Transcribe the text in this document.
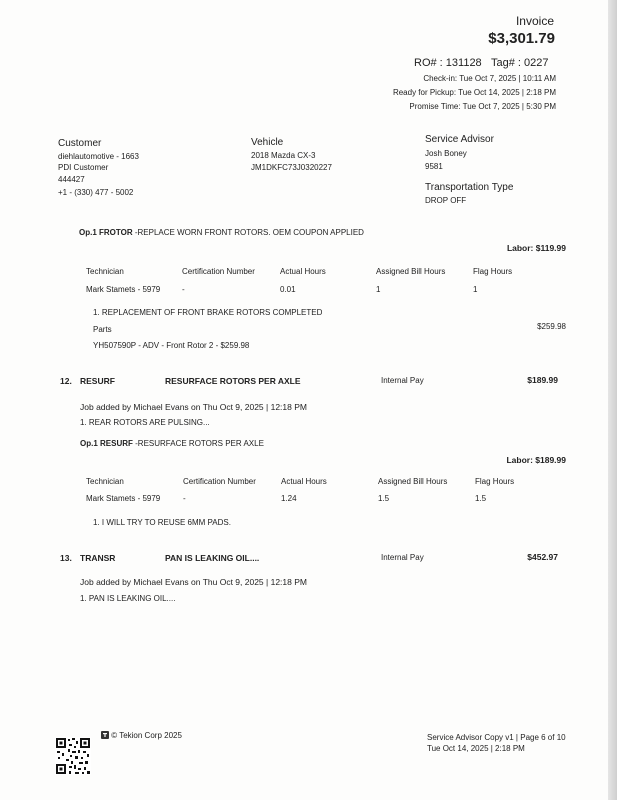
Invoice
$3,301.79
RO# : 131128 Tag# : 0227
Check-in: Tue Oct 7, 2025 | 10:11 AM
Ready for Pickup: Tue Oct 14, 2025 | 2:18 PM
Promise Time: Tue Oct 7, 2025 | 5:30 PM
Customer
diehlautomotive - 1663
PDI Customer
444427
+1 - (330) 477 - 5002
Vehicle
2018 Mazda CX-3
JM1DKFC73J0320227
Service Advisor
Josh Boney
9581
Transportation Type
DROP OFF
Op.1 FROTOR -REPLACE WORN FRONT ROTORS. OEM COUPON APPLIED
Labor: $119.99
Technician	Certification Number	Actual Hours	Assigned Bill Hours	Flag Hours
Mark Stamets - 5979	-	0.01	1	1
1. REPLACEMENT OF FRONT BRAKE ROTORS COMPLETED
Parts	$259.98
YH507590P - ADV - Front Rotor 2 - $259.98
12. RESURF	RESURFACE ROTORS PER AXLE	Internal Pay	$189.99
Job added by Michael Evans on Thu Oct 9, 2025 | 12:18 PM
1. REAR ROTORS ARE PULSING...
Op.1 RESURF -RESURFACE ROTORS PER AXLE
Labor: $189.99
Technician	Certification Number	Actual Hours	Assigned Bill Hours	Flag Hours
Mark Stamets - 5979	-	1.24	1.5	1.5
1. I WILL TRY TO REUSE 6MM PADS.
13. TRANSR	PAN IS LEAKING OIL....	Internal Pay	$452.97
Job added by Michael Evans on Thu Oct 9, 2025 | 12:18 PM
1. PAN IS LEAKING OIL....
© Tekion Corp 2025	Service Advisor Copy v1 | Page 6 of 10
Tue Oct 14, 2025 | 2:18 PM
